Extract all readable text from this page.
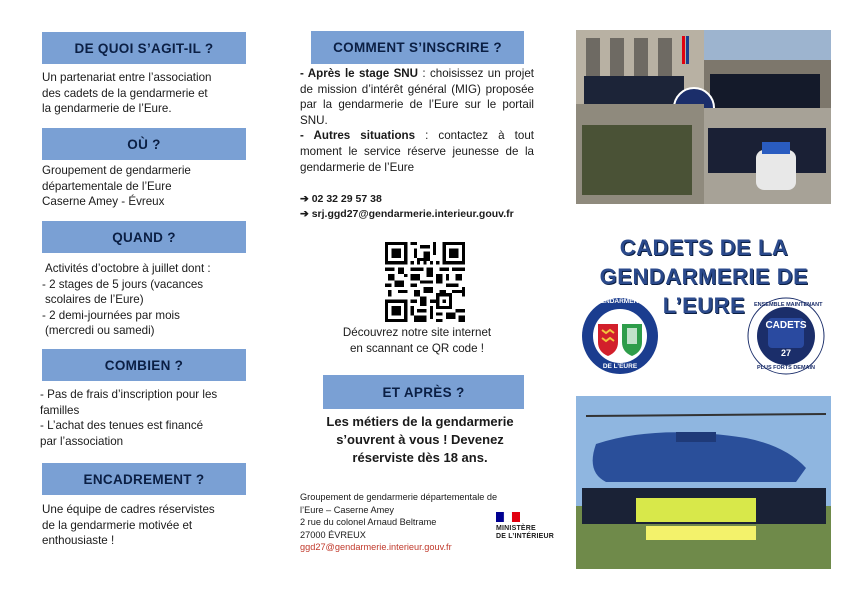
DE QUOI S’AGIT-IL ?

Un partenariat entre l’association

des cadets de la gendarmerie et

la gendarmerie de l’Eure.

OÙ ?

Groupement de gendarmerie

départementale de l’Eure

Caserne Amey - Évreux

QUAND ?

Activités d’octobre à juillet dont :

- 2 stages de 5 jours (vacances

scolaires de l’Eure)

- 2 demi-journées par mois

(mercredi ou samedi)

COMBIEN ?

- Pas de frais d’inscription pour les

familles

- L’achat des tenues est financé

par l’association

ENCADREMENT ?

Une équipe de cadres réservistes

de la gendarmerie motivée et

enthousiaste !

COMMENT S’INSCRIRE ?

- Après le stage SNU : choisissez un projet de mission d’intérêt général (MIG) proposée par la gendarmerie de l’Eure sur le portail SNU.

- Autres situations : contactez à tout moment le service réserve jeunesse de la gendarmerie de l’Eure

➔ 02 32 29 57 38

➔ srj.ggd27@gendarmerie.interieur.gouv.fr

Découvrez notre site internet

en scannant ce QR code !

ET APRÈS ?

Les métiers de la gendarmerie

s’ouvrent à vous ! Devenez

réserviste dès 18 ans.

Groupement de gendarmerie départementale de

l’Eure – Caserne Amey

2 rue du colonel Arnaud Beltrame

27000 ÉVREUX

ggd27@gendarmerie.interieur.gouv.fr

MINISTÈRE
DE L’INTÉRIEUR
CADETS DE LA
GENDARMERIE DE
L’EURE
GENDARMERIE
DE L’EURE
ENSEMBLE MAINTENANT
CADETS
27
PLUS FORTS DEMAIN
